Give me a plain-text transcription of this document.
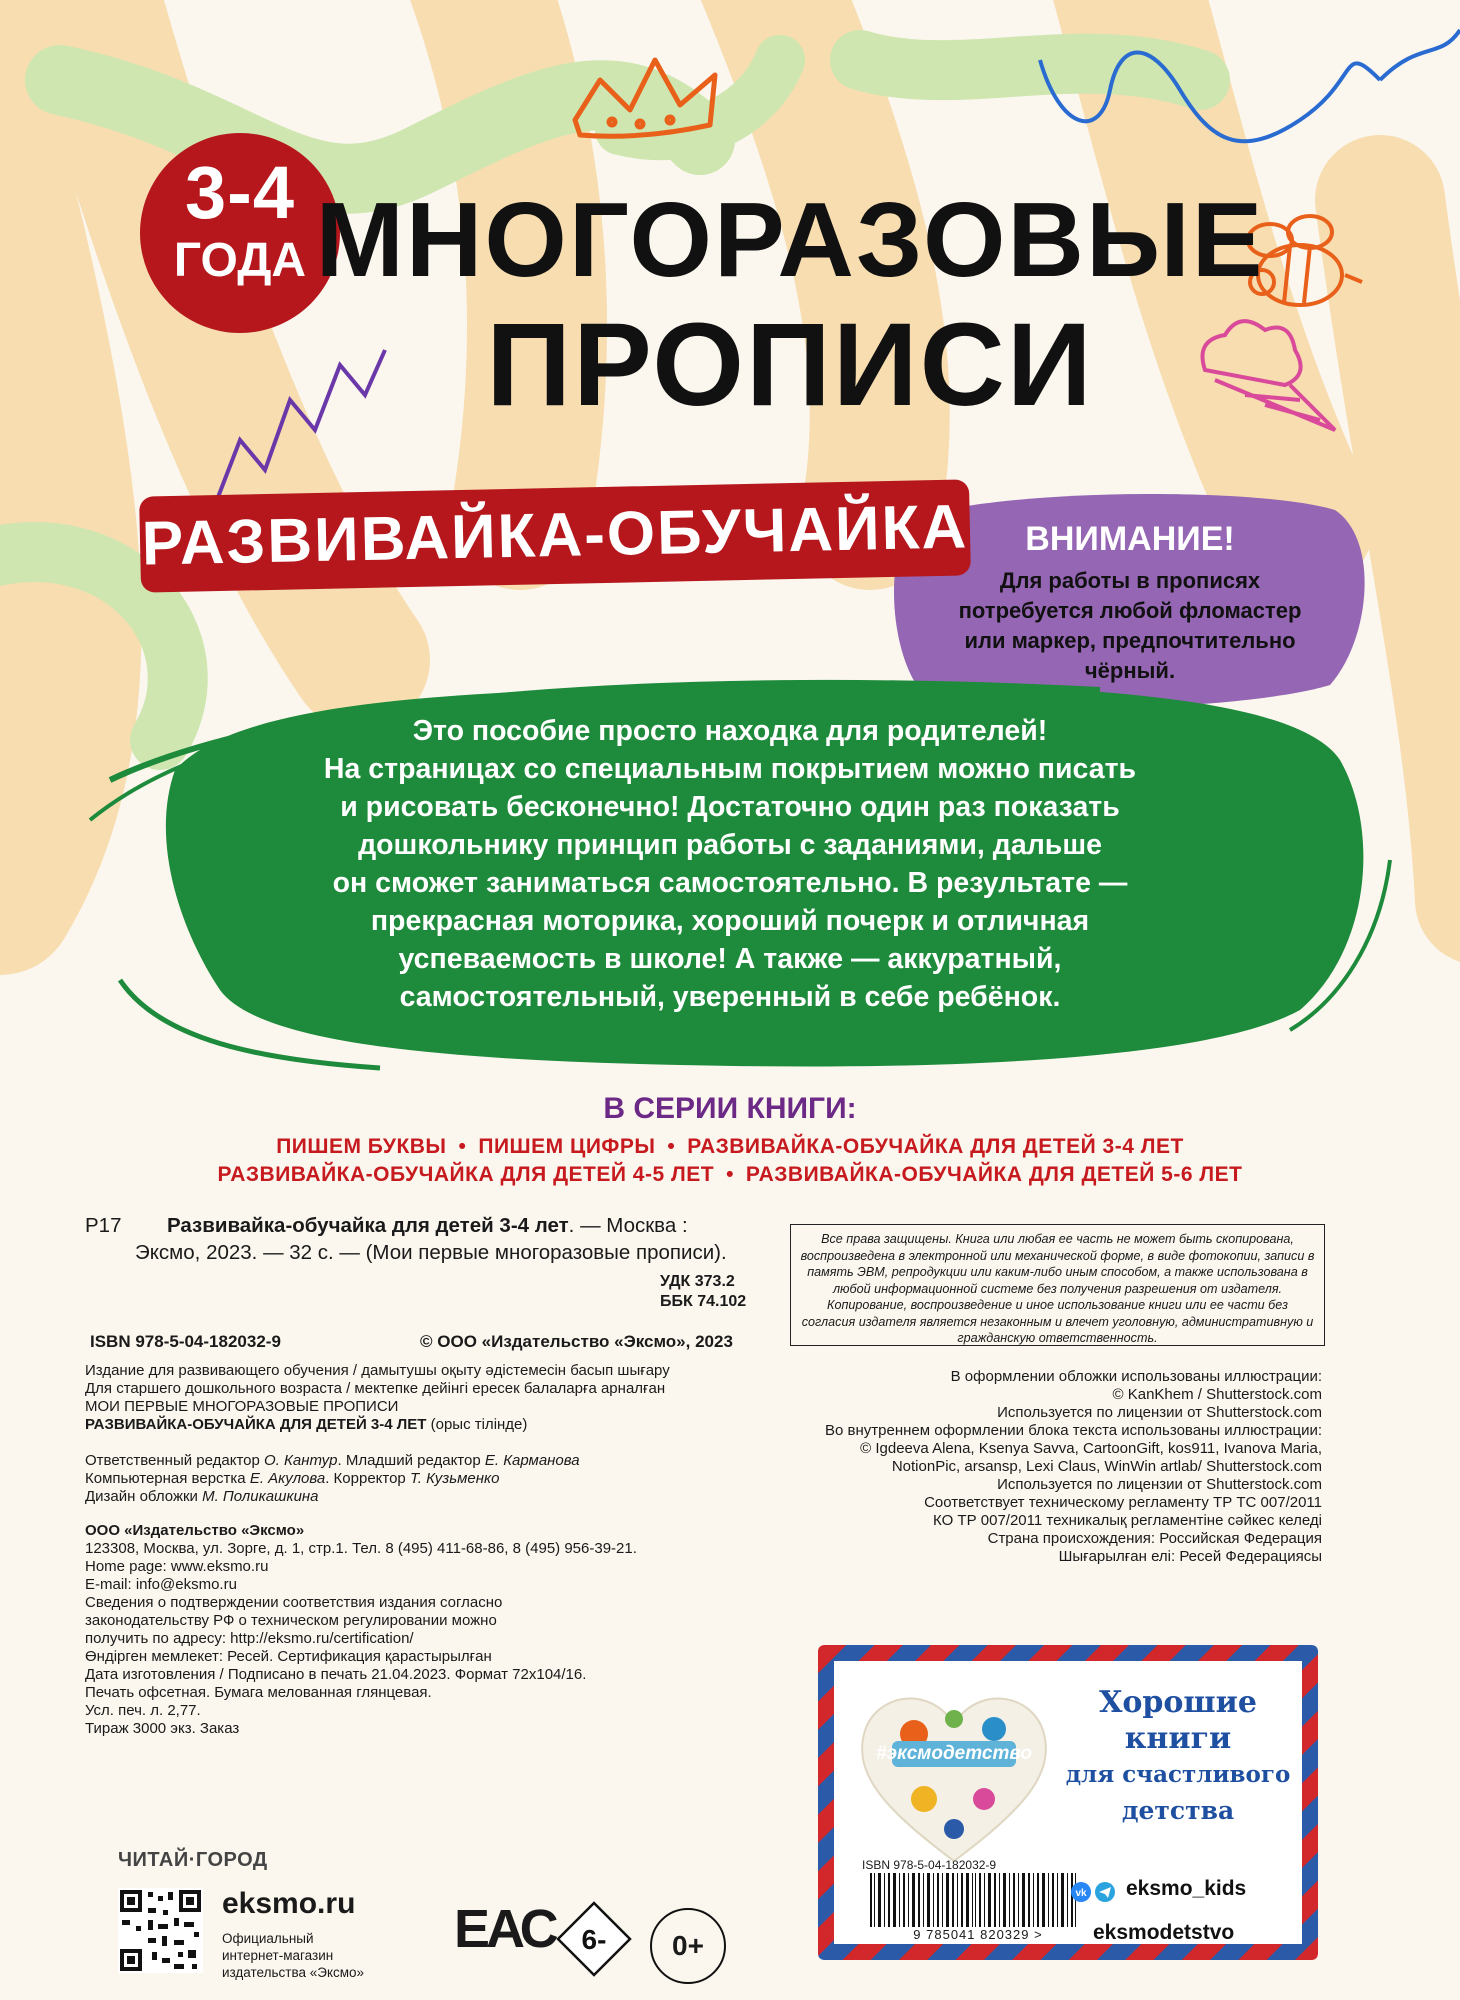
3-4
ГОДА МНОГОРАЗОВЫЕ
ПРОПИСИ
РАЗВИВАЙКА-ОБУЧАЙКА	ВНИМАНИЕ!
Для работы в прописях
потребуется любой фломастер
или маркер, предпочтительно
чёрный.
Это пособие просто находка для родителей!
На страницах со специальным покрытием можно писать
и рисовать бесконечно! Достаточно один раз показать
дошкольнику принцип работы с заданиями, дальше
он сможет заниматься самостоятельно. В результате —
прекрасная моторика, хороший почерк и отличная
успеваемость в школе! А также — аккуратный,
самостоятельный, уверенный в себе ребёнок.
В СЕРИИ КНИГИ:
ПИШЕМ БУКВЫ • ПИШЕМ ЦИФРЫ • РАЗВИВАЙКА-ОБУЧАЙКА ДЛЯ ДЕТЕЙ 3-4 ЛЕТ
РАЗВИВАЙКА-ОБУЧАЙКА ДЛЯ ДЕТЕЙ 4-5 ЛЕТ • РАЗВИВАЙКА-ОБУЧАЙКА ДЛЯ ДЕТЕЙ 5-6 ЛЕТ
Р17 Развивайка-обучайка для детей 3-4 лет. — Москва :
Эксмо, 2023. — 32 с. — (Мои первые многоразовые прописи).
УДК 373.2
ББК 74.102
ISBN 978-5-04-182032-9	© ООО «Издательство «Эксмо», 2023
Все права защищены. Книга или любая ее часть не может быть скопирована, воспроизведена в электронной или механической форме, в виде фотокопии, записи в память ЭВМ, репродукции или каким-либо иным способом, а также использована в любой информационной системе без получения разрешения от издателя. Копирование, воспроизведение и иное использование книги или ее части без согласия издателя является незаконным и влечет уголовную, административную и гражданскую ответственность.
Издание для развивающего обучения / дамытушы оқыту әдістемесін басып шығару
Для старшего дошкольного возраста / мектепке дейінгі ересек балаларға арналған
МОИ ПЕРВЫЕ МНОГОРАЗОВЫЕ ПРОПИСИ
РАЗВИВАЙКА-ОБУЧАЙКА ДЛЯ ДЕТЕЙ 3-4 ЛЕТ (орыс тілінде)
Ответственный редактор О. Кантур. Младший редактор Е. Карманова
Компьютерная верстка Е. Акулова. Корректор Т. Кузьменко
Дизайн обложки М. Поликашкина
ООО «Издательство «Эксмо»
123308, Москва, ул. Зорге, д. 1, стр.1. Тел. 8 (495) 411-68-86, 8 (495) 956-39-21.
Home page: www.eksmo.ru
E-mail: info@eksmo.ru
Сведения о подтверждении соответствия издания согласно
законодательству РФ о техническом регулировании можно
получить по адресу: http://eksmo.ru/certification/
Өндірген мемлекет: Ресей. Сертификация қарастырылған
Дата изготовления / Подписано в печать 21.04.2023. Формат 72х104/16.
Печать офсетная. Бумага мелованная глянцевая.
Усл. печ. л. 2,77.
Тираж 3000 экз. Заказ
В оформлении обложки использованы иллюстрации:
© KanKhem / Shutterstock.com
Используется по лицензии от Shutterstock.com
Во внутреннем оформлении блока текста использованы иллюстрации:
© Igdeeva Alena, Ksenya Savva, CartoonGift, kos911, Ivanova Maria,
NotionPic, arsansp, Lexi Claus, WinWin artlab/ Shutterstock.com
Используется по лицензии от Shutterstock.com
Соответствует техническому регламенту ТР ТС 007/2011
КО ТР 007/2011 техникалық регламентіне сәйкес келеді
Страна происхождения: Российская Федерация
Шығарылған елі: Ресей Федерациясы
#эксмодетство
Хорошие
книги
для счастливого
детства
ISBN 978-5-04-182032-9
9 785041 820329 >
vk eksmo_kids
eksmodetstvo
ЧИТАЙ·ГОРОД
eksmo.ru
Официальный
интернет-магазин
издательства «Эксмо»
ЕАС 6-	0+
